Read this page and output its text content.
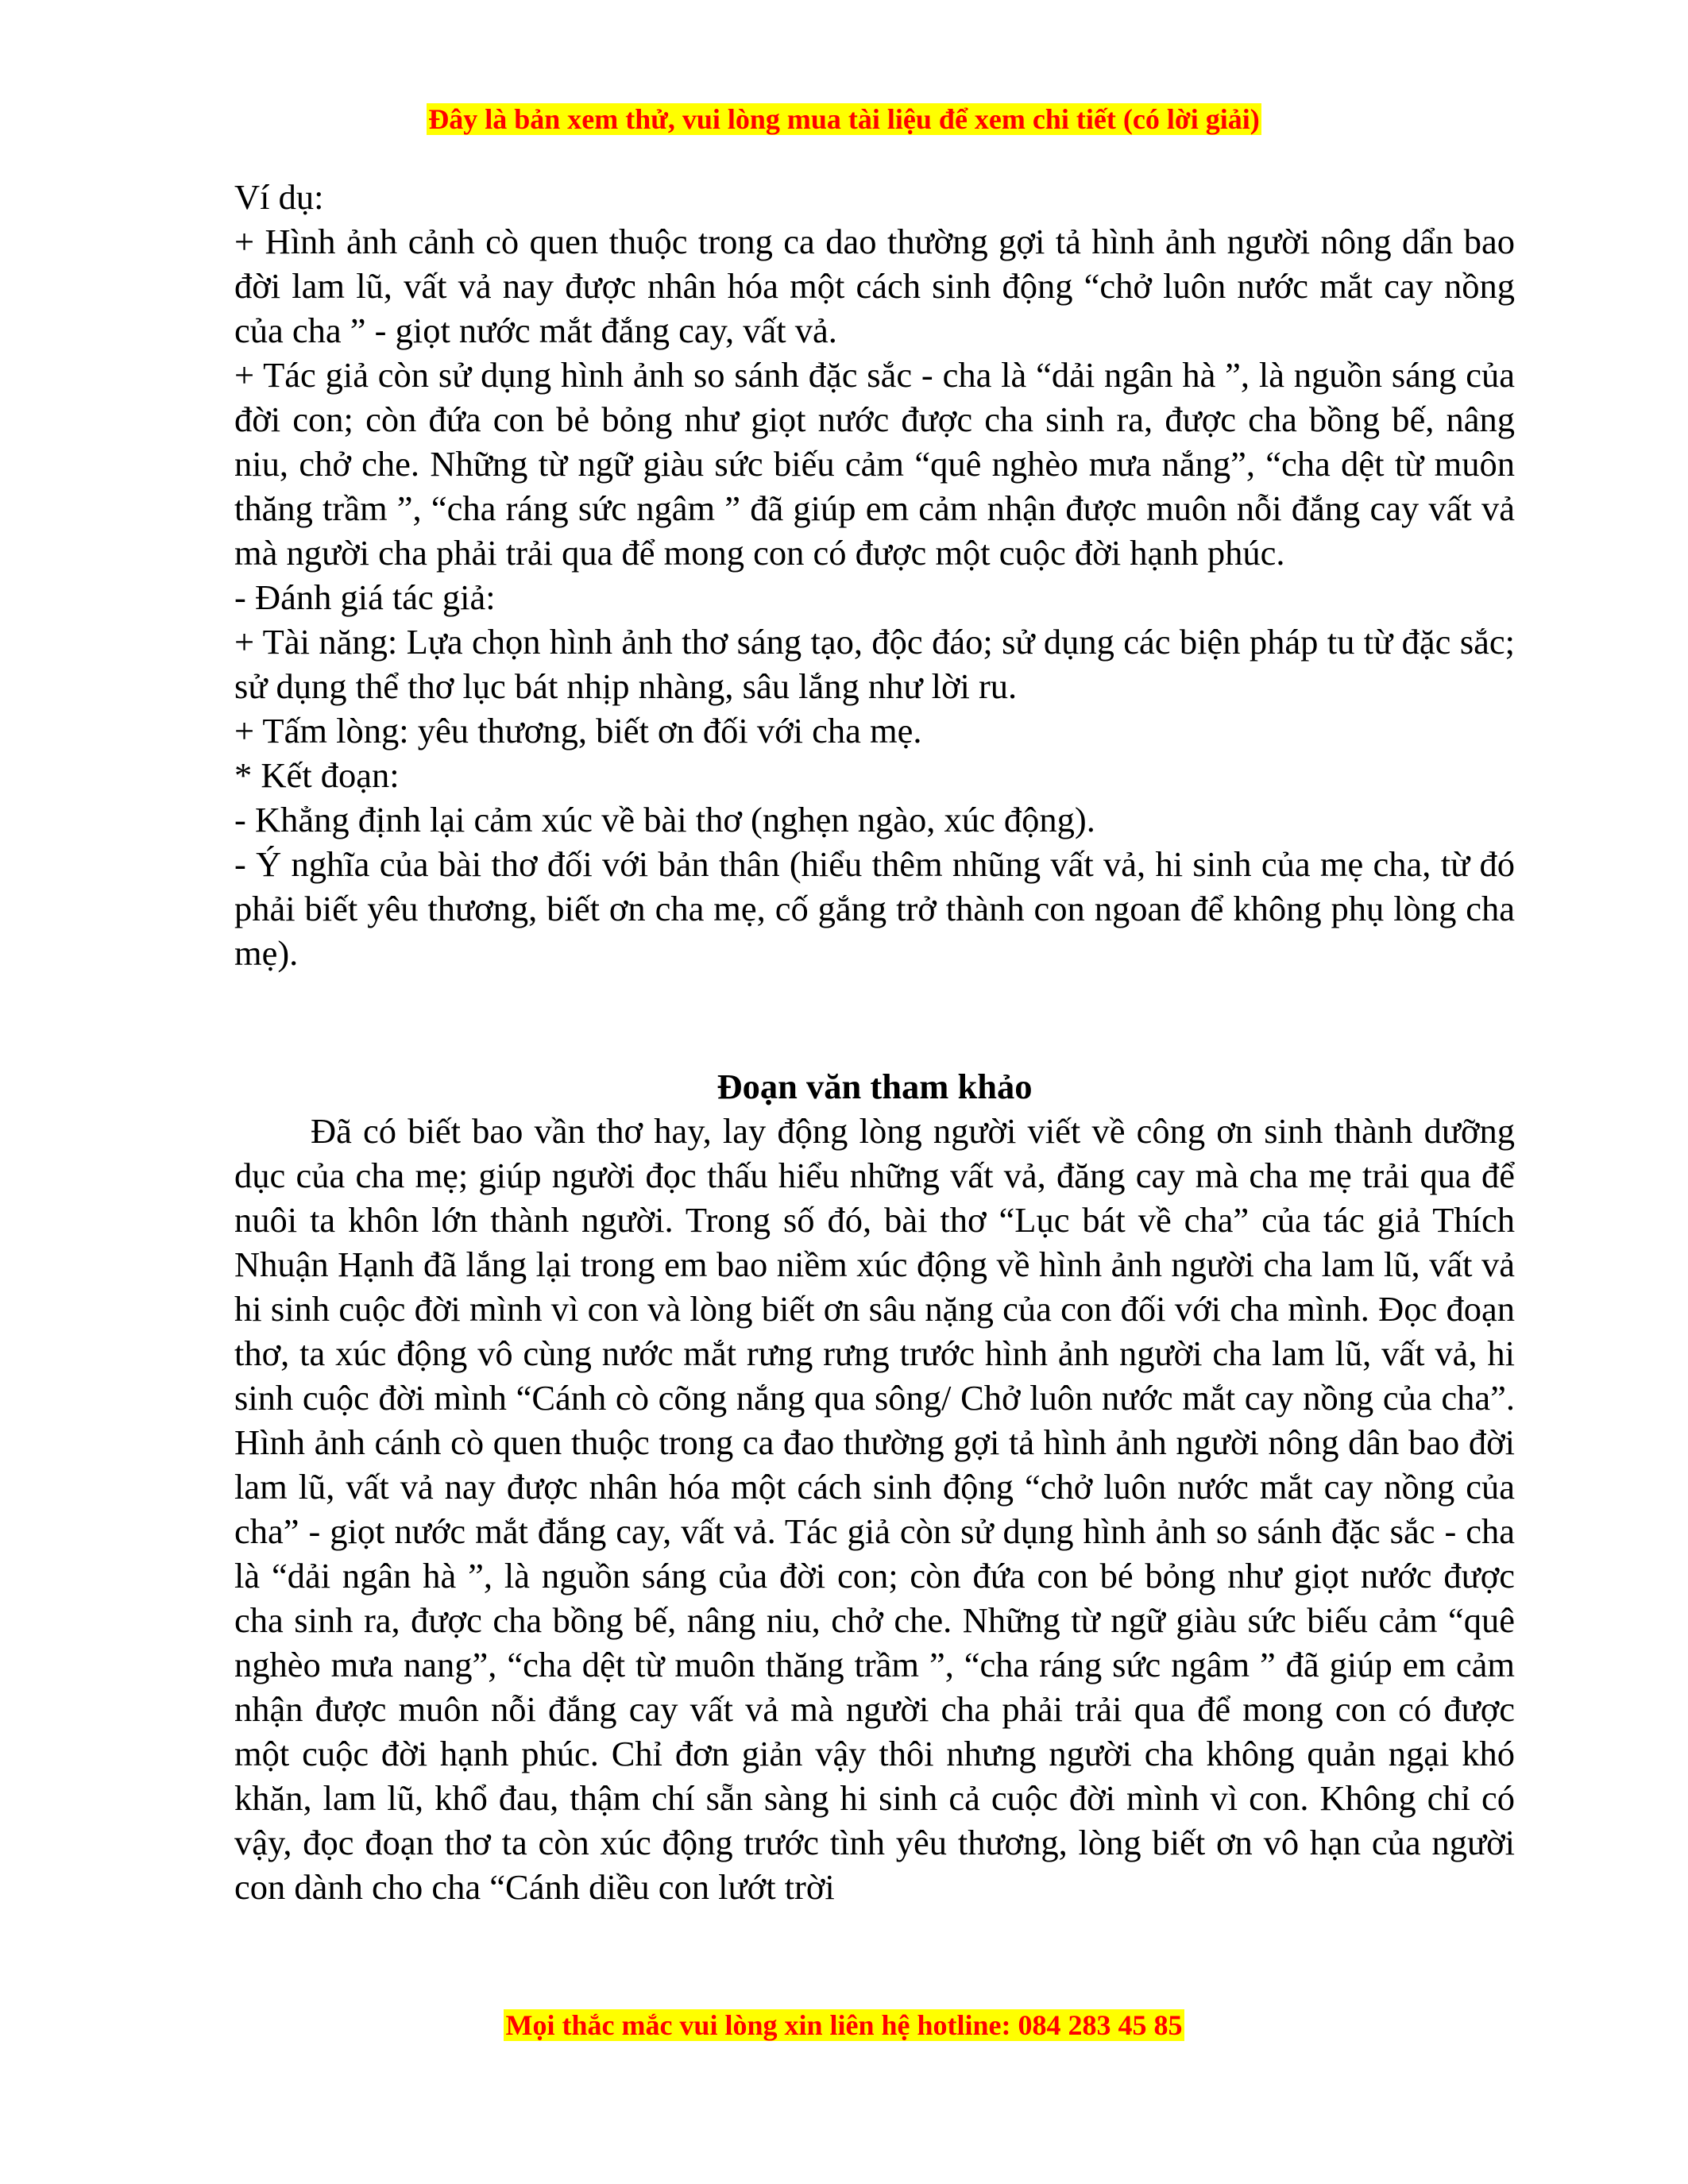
Đây là bản xem thử, vui lòng mua tài liệu để xem chi tiết (có lời giải)

Ví dụ:

+ Hình ảnh cảnh cò quen thuộc trong ca dao thường gợi tả hình ảnh người nông dẩn bao đời lam lũ, vất vả nay được nhân hóa một cách sinh động “chở luôn nước mắt cay nồng của cha ” - giọt nước mắt đắng cay, vất vả.

+ Tác giả còn sử dụng hình ảnh so sánh đặc sắc - cha là “dải ngân hà ”, là nguồn sáng của đời con; còn đứa con bẻ bỏng như giọt nước được cha sinh ra, được cha bồng bế, nâng niu, chở che. Những từ ngữ giàu sức biếu cảm “quê nghèo mưa nắng”, “cha dệt từ muôn thăng trầm ”, “cha ráng sức ngâm ” đã giúp em cảm nhận được muôn nỗi đắng cay vất vả mà người cha phải trải qua để mong con có được một cuộc đời hạnh phúc.

- Đánh giá tác giả:

+ Tài năng: Lựa chọn hình ảnh thơ sáng tạo, độc đáo; sử dụng các biện pháp tu từ đặc sắc; sử dụng thể thơ lục bát nhịp nhàng, sâu lắng như lời ru.

+ Tấm lòng: yêu thương, biết ơn đối với cha mẹ.

* Kết đoạn:

- Khẳng định lại cảm xúc về bài thơ (nghẹn ngào, xúc động).

- Ý nghĩa của bài thơ đối với bản thân (hiểu thêm nhũng vất vả, hi sinh của mẹ cha, từ đó phải biết yêu thương, biết ơn cha mẹ, cố gắng trở thành con ngoan để không phụ lòng cha mẹ).

Đoạn văn tham khảo

Đã có biết bao vần thơ hay, lay động lòng người viết về công ơn sinh thành dưỡng dục của cha mẹ; giúp người đọc thấu hiểu những vất vả, đăng cay mà cha mẹ trải qua để nuôi ta khôn lớn thành người. Trong số đó, bài thơ “Lục bát về cha” của tác giả Thích Nhuận Hạnh đã lắng lại trong em bao niềm xúc động về hình ảnh người cha lam lũ, vất vả hi sinh cuộc đời mình vì con và lòng biết ơn sâu nặng của con đối với cha mình. Đọc đoạn thơ, ta xúc động vô cùng nước mắt rưng rưng trước hình ảnh người cha lam lũ, vất vả, hi sinh cuộc đời mình “Cánh cò cõng nắng qua sông/ Chở luôn nước mắt cay nồng của cha”. Hình ảnh cánh cò quen thuộc trong ca đao thường gợi tả hình ảnh người nông dân bao đời lam lũ, vất vả nay được nhân hóa một cách sinh động “chở luôn nước mắt cay nồng của cha” - giọt nước mắt đắng cay, vất vả. Tác giả còn sử dụng hình ảnh so sánh đặc sắc - cha là “dải ngân hà ”, là nguồn sáng của đời con; còn đứa con bé bỏng như giọt nước được cha sinh ra, được cha bồng bế, nâng niu, chở che. Những từ ngữ giàu sức biếu cảm “quê nghèo mưa nang”, “cha dệt từ muôn thăng trầm ”, “cha ráng sức ngâm ” đã giúp em cảm nhận được muôn nỗi đắng cay vất vả mà người cha phải trải qua để mong con có được một cuộc đời hạnh phúc. Chỉ đơn giản vậy thôi nhưng người cha không quản ngại khó khăn, lam lũ, khổ đau, thậm chí sẵn sàng hi sinh cả cuộc đời mình vì con. Không chỉ có vậy, đọc đoạn thơ ta còn xúc động trước tình yêu thương, lòng biết ơn vô hạn của người con dành cho cha “Cánh diều con lướt trời

Mọi thắc mắc vui lòng xin liên hệ hotline: 084 283 45 85
